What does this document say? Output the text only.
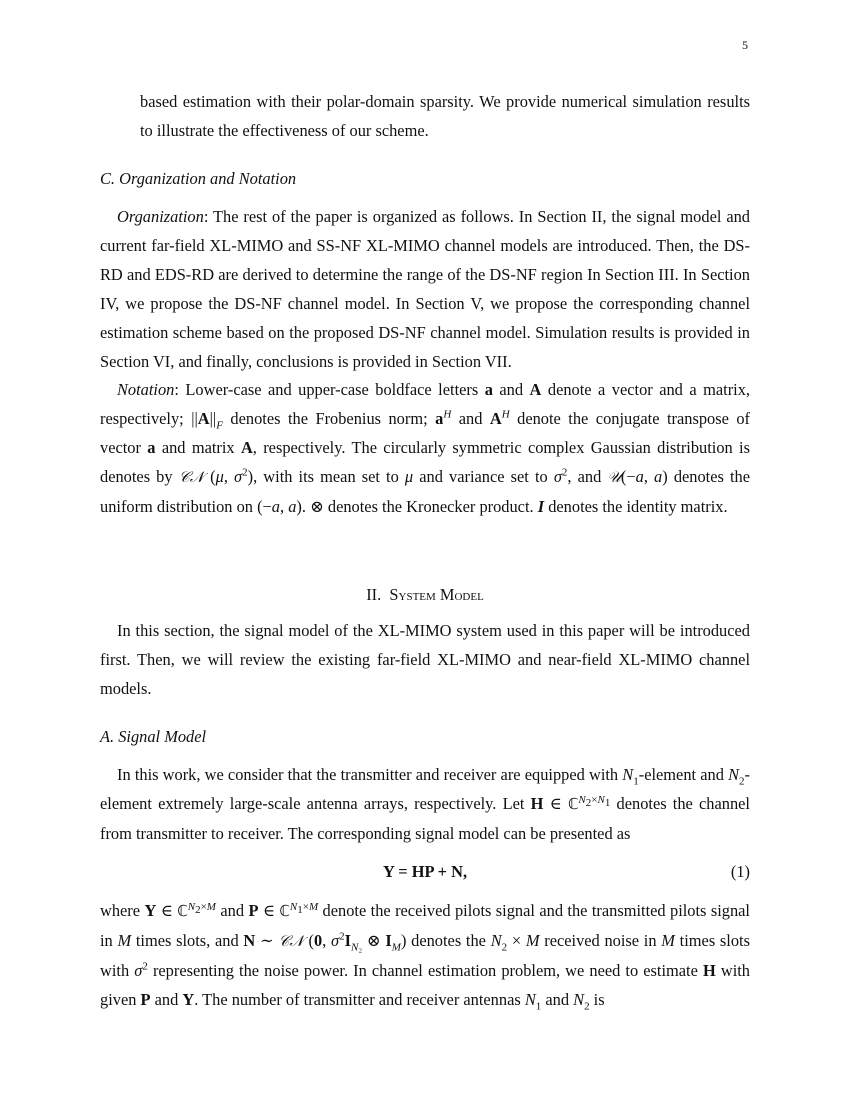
5

based estimation with their polar-domain sparsity. We provide numerical simulation results to illustrate the effectiveness of our scheme.

C. Organization and Notation

Organization: The rest of the paper is organized as follows. In Section II, the signal model and current far-field XL-MIMO and SS-NF XL-MIMO channel models are introduced. Then, the DS-RD and EDS-RD are derived to determine the range of the DS-NF region In Section III. In Section IV, we propose the DS-NF channel model. In Section V, we propose the corresponding channel estimation scheme based on the proposed DS-NF channel model. Simulation results is provided in Section VI, and finally, conclusions is provided in Section VII.

Notation: Lower-case and upper-case boldface letters a and A denote a vector and a matrix, respectively; $||A||_F$ denotes the Frobenius norm; $a^H$ and $A^H$ denote the conjugate transpose of vector a and matrix A, respectively. The circularly symmetric complex Gaussian distribution is denotes by 𝒞𝒩 (μ, $\sigma^2$), with its mean set to μ and variance set to $\sigma^2$, and 𝒰(−a, a) denotes the uniform distribution on (−a, a). ⊗ denotes the Kronecker product. I denotes the identity matrix.

II. System Model

In this section, the signal model of the XL-MIMO system used in this paper will be introduced first. Then, we will review the existing far-field XL-MIMO and near-field XL-MIMO channel models.

A. Signal Model

In this work, we consider that the transmitter and receiver are equipped with $N_1$-element and $N_2$-element extremely large-scale antenna arrays, respectively. Let H ∈ ℂ$^{N_2\times N_1}$ denotes the channel from transmitter to receiver. The corresponding signal model can be presented as

Y = HP + N,	(1)

where Y ∈ ℂ$^{N_2\times M}$ and P ∈ ℂ$^{N_1\times M}$ denote the received pilots signal and the transmitted pilots signal in M times slots, and N ∼ 𝒞𝒩 (0, $\sigma^2I_{N_2}$ ⊗ $I_M$) denotes the $N_2 \times M$ received noise in M times slots with $\sigma^2$ representing the noise power. In channel estimation problem, we need to estimate H with given P and Y. The number of transmitter and receiver antennas $N_1$ and $N_2$ is
